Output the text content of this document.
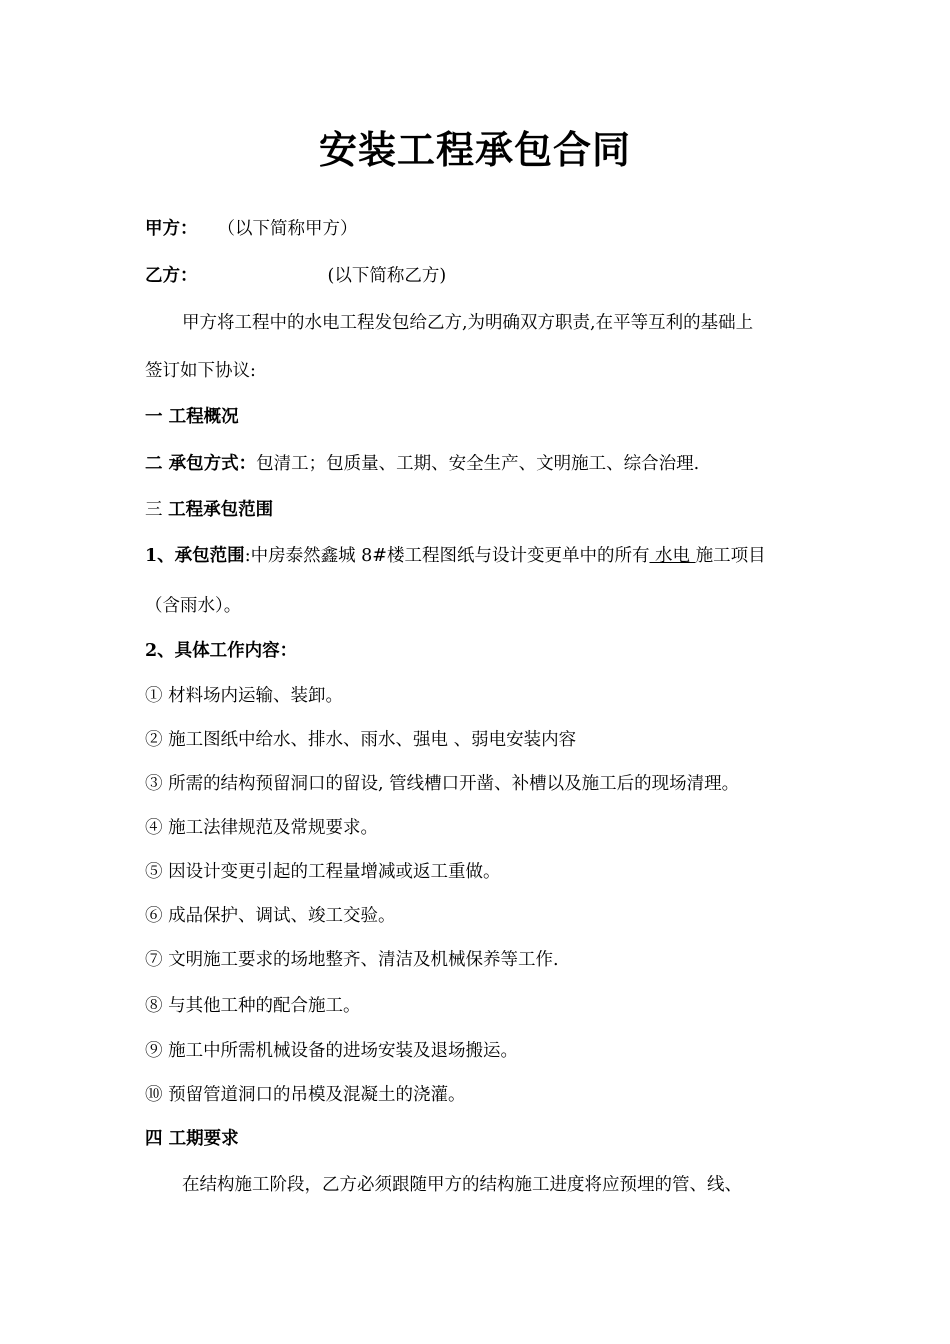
安装工程承包合同
甲方： （以下简称甲方）
乙方：	(以下简称乙方)
甲方将工程中的水电工程发包给乙方,为明确双方职责,在平等互利的基础上
签订如下协议:
一 工程概况
二 承包方式：包清工；包质量、工期、安全生产、文明施工、综合治理.
三 工程承包范围
1、承包范围:中房泰然鑫城 8#楼工程图纸与设计变更单中的所有 水电 施工项目
（含雨水）。
2、具体工作内容：
① 材料场内运输、装卸。
② 施工图纸中给水、排水、雨水、强电 、弱电安装内容
③ 所需的结构预留洞口的留设, 管线槽口开凿、补槽以及施工后的现场清理。
④ 施工法律规范及常规要求。
⑤ 因设计变更引起的工程量增减或返工重做。
⑥ 成品保护、调试、竣工交验。
⑦ 文明施工要求的场地整齐、清洁及机械保养等工作.
⑧ 与其他工种的配合施工。
⑨ 施工中所需机械设备的进场安装及退场搬运。
⑩ 预留管道洞口的吊模及混凝土的浇灌。
四 工期要求
在结构施工阶段，乙方必须跟随甲方的结构施工进度将应预埋的管、线、
